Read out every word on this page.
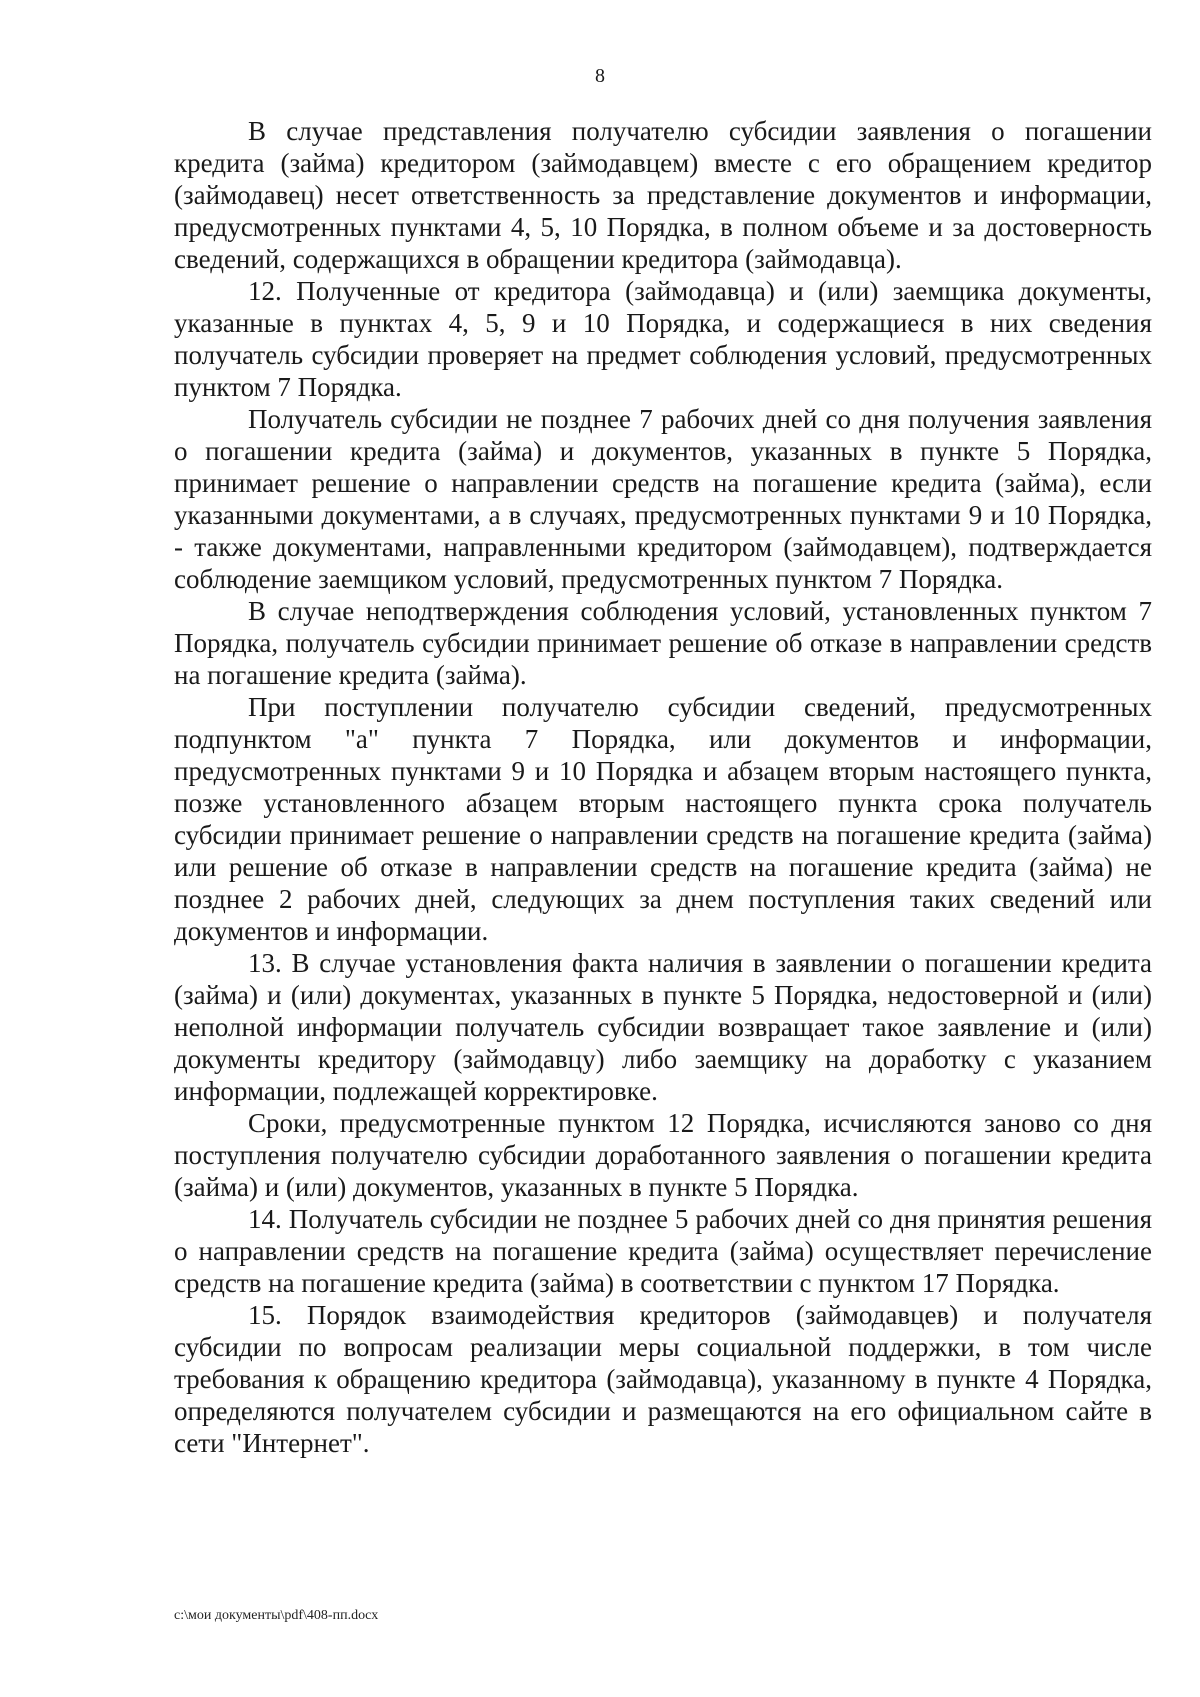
8

В случае представления получателю субсидии заявления о погашении кредита (займа) кредитором (займодавцем) вместе с его обращением кредитор (займодавец) несет ответственность за представление документов и информации, предусмотренных пунктами 4, 5, 10 Порядка, в полном объеме и за достоверность сведений, содержащихся в обращении кредитора (займодавца).

12. Полученные от кредитора (займодавца) и (или) заемщика документы, указанные в пунктах 4, 5, 9 и 10 Порядка, и содержащиеся в них сведения получатель субсидии проверяет на предмет соблюдения условий, предусмотренных пунктом 7 Порядка.

Получатель субсидии не позднее 7 рабочих дней со дня получения заявления о погашении кредита (займа) и документов, указанных в пункте 5 Порядка, принимает решение о направлении средств на погашение кредита (займа), если указанными документами, а в случаях, предусмотренных пунктами 9 и 10 Порядка, - также документами, направленными кредитором (займодавцем), подтверждается соблюдение заемщиком условий, предусмотренных пунктом 7 Порядка.

В случае неподтверждения соблюдения условий, установленных пунктом 7 Порядка, получатель субсидии принимает решение об отказе в направлении средств на погашение кредита (займа).

При поступлении получателю субсидии сведений, предусмотренных подпунктом "а" пункта 7 Порядка, или документов и информации, предусмотренных пунктами 9 и 10 Порядка и абзацем вторым настоящего пункта, позже установленного абзацем вторым настоящего пункта срока получатель субсидии принимает решение о направлении средств на погашение кредита (займа) или решение об отказе в направлении средств на погашение кредита (займа) не позднее 2 рабочих дней, следующих за днем поступления таких сведений или документов и информации.

13. В случае установления факта наличия в заявлении о погашении кредита (займа) и (или) документах, указанных в пункте 5 Порядка, недостоверной и (или) неполной информации получатель субсидии возвращает такое заявление и (или) документы кредитору (займодавцу) либо заемщику на доработку с указанием информации, подлежащей корректировке.

Сроки, предусмотренные пунктом 12 Порядка, исчисляются заново со дня поступления получателю субсидии доработанного заявления о погашении кредита (займа) и (или) документов, указанных в пункте 5 Порядка.

14. Получатель субсидии не позднее 5 рабочих дней со дня принятия решения о направлении средств на погашение кредита (займа) осуществляет перечисление средств на погашение кредита (займа) в соответствии с пунктом 17 Порядка.

15. Порядок взаимодействия кредиторов (займодавцев) и получателя субсидии по вопросам реализации меры социальной поддержки, в том числе требования к обращению кредитора (займодавца), указанному в пункте 4 Порядка, определяются получателем субсидии и размещаются на его официальном сайте в сети "Интернет".

c:\мои документы\pdf\408-пп.docx
